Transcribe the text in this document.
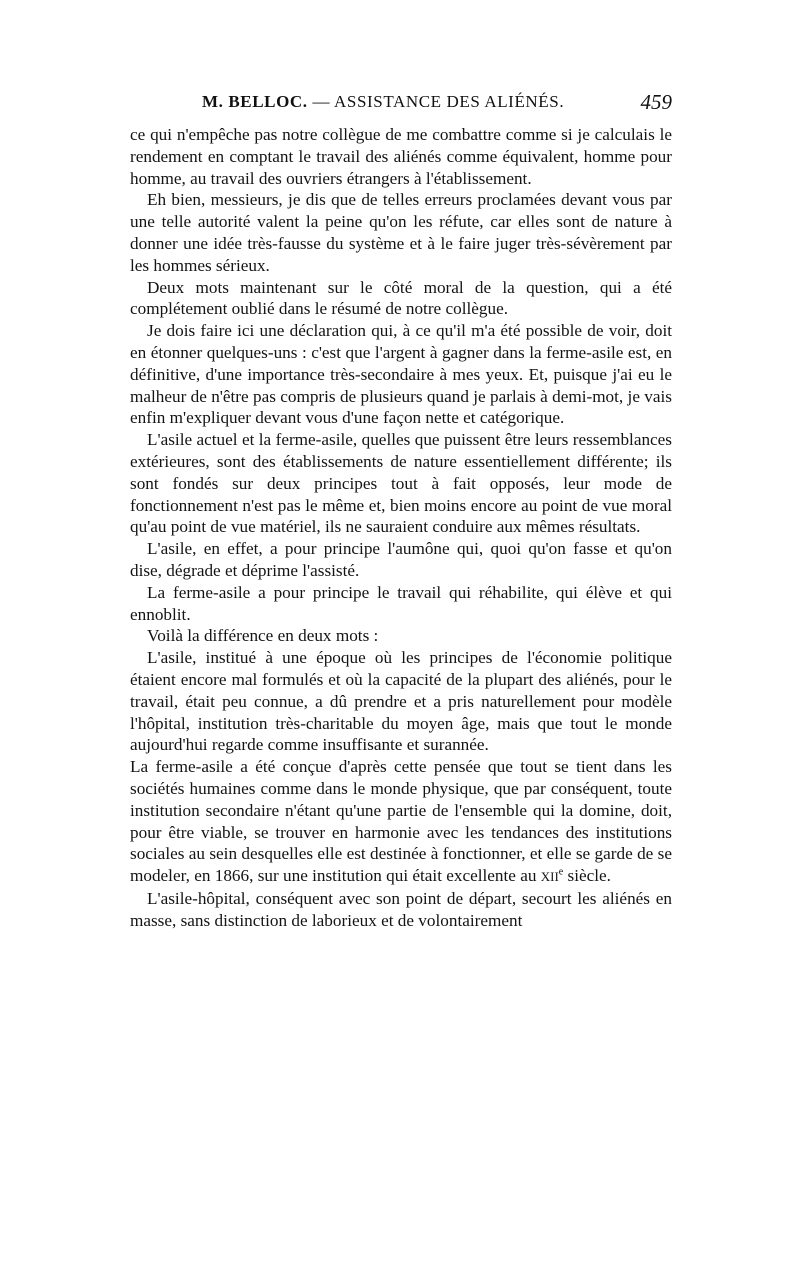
M. BELLOC. — ASSISTANCE DES ALIÉNÉS.	459

ce qui n'empêche pas notre collègue de me combattre comme si je calculais le rendement en comptant le travail des aliénés comme équivalent, homme pour homme, au travail des ouvriers étrangers à l'établissement.

Eh bien, messieurs, je dis que de telles erreurs proclamées devant vous par une telle autorité valent la peine qu'on les réfute, car elles sont de nature à donner une idée très-fausse du système et à le faire juger très-sévèrement par les hommes sérieux.

Deux mots maintenant sur le côté moral de la question, qui a été complétement oublié dans le résumé de notre collègue.

Je dois faire ici une déclaration qui, à ce qu'il m'a été possible de voir, doit en étonner quelques-uns : c'est que l'argent à gagner dans la ferme-asile est, en définitive, d'une importance très-secondaire à mes yeux. Et, puisque j'ai eu le malheur de n'être pas compris de plusieurs quand je parlais à demi-mot, je vais enfin m'expliquer devant vous d'une façon nette et catégorique.

L'asile actuel et la ferme-asile, quelles que puissent être leurs ressemblances extérieures, sont des établissements de nature essentiellement différente; ils sont fondés sur deux principes tout à fait opposés, leur mode de fonctionnement n'est pas le même et, bien moins encore au point de vue moral qu'au point de vue matériel, ils ne sauraient conduire aux mêmes résultats.

L'asile, en effet, a pour principe l'aumône qui, quoi qu'on fasse et qu'on dise, dégrade et déprime l'assisté.

La ferme-asile a pour principe le travail qui réhabilite, qui élève et qui ennoblit.

Voilà la différence en deux mots :

L'asile, institué à une époque où les principes de l'économie politique étaient encore mal formulés et où la capacité de la plupart des aliénés, pour le travail, était peu connue, a dû prendre et a pris naturellement pour modèle l'hôpital, institution très-charitable du moyen âge, mais que tout le monde aujourd'hui regarde comme insuffisante et surannée.

La ferme-asile a été conçue d'après cette pensée que tout se tient dans les sociétés humaines comme dans le monde physique, que par conséquent, toute institution secondaire n'étant qu'une partie de l'ensemble qui la domine, doit, pour être viable, se trouver en harmonie avec les tendances des institutions sociales au sein desquelles elle est destinée à fonctionner, et elle se garde de se modeler, en 1866, sur une institution qui était excellente au XIIe siècle.

L'asile-hôpital, conséquent avec son point de départ, secourt les aliénés en masse, sans distinction de laborieux et de volontairement
